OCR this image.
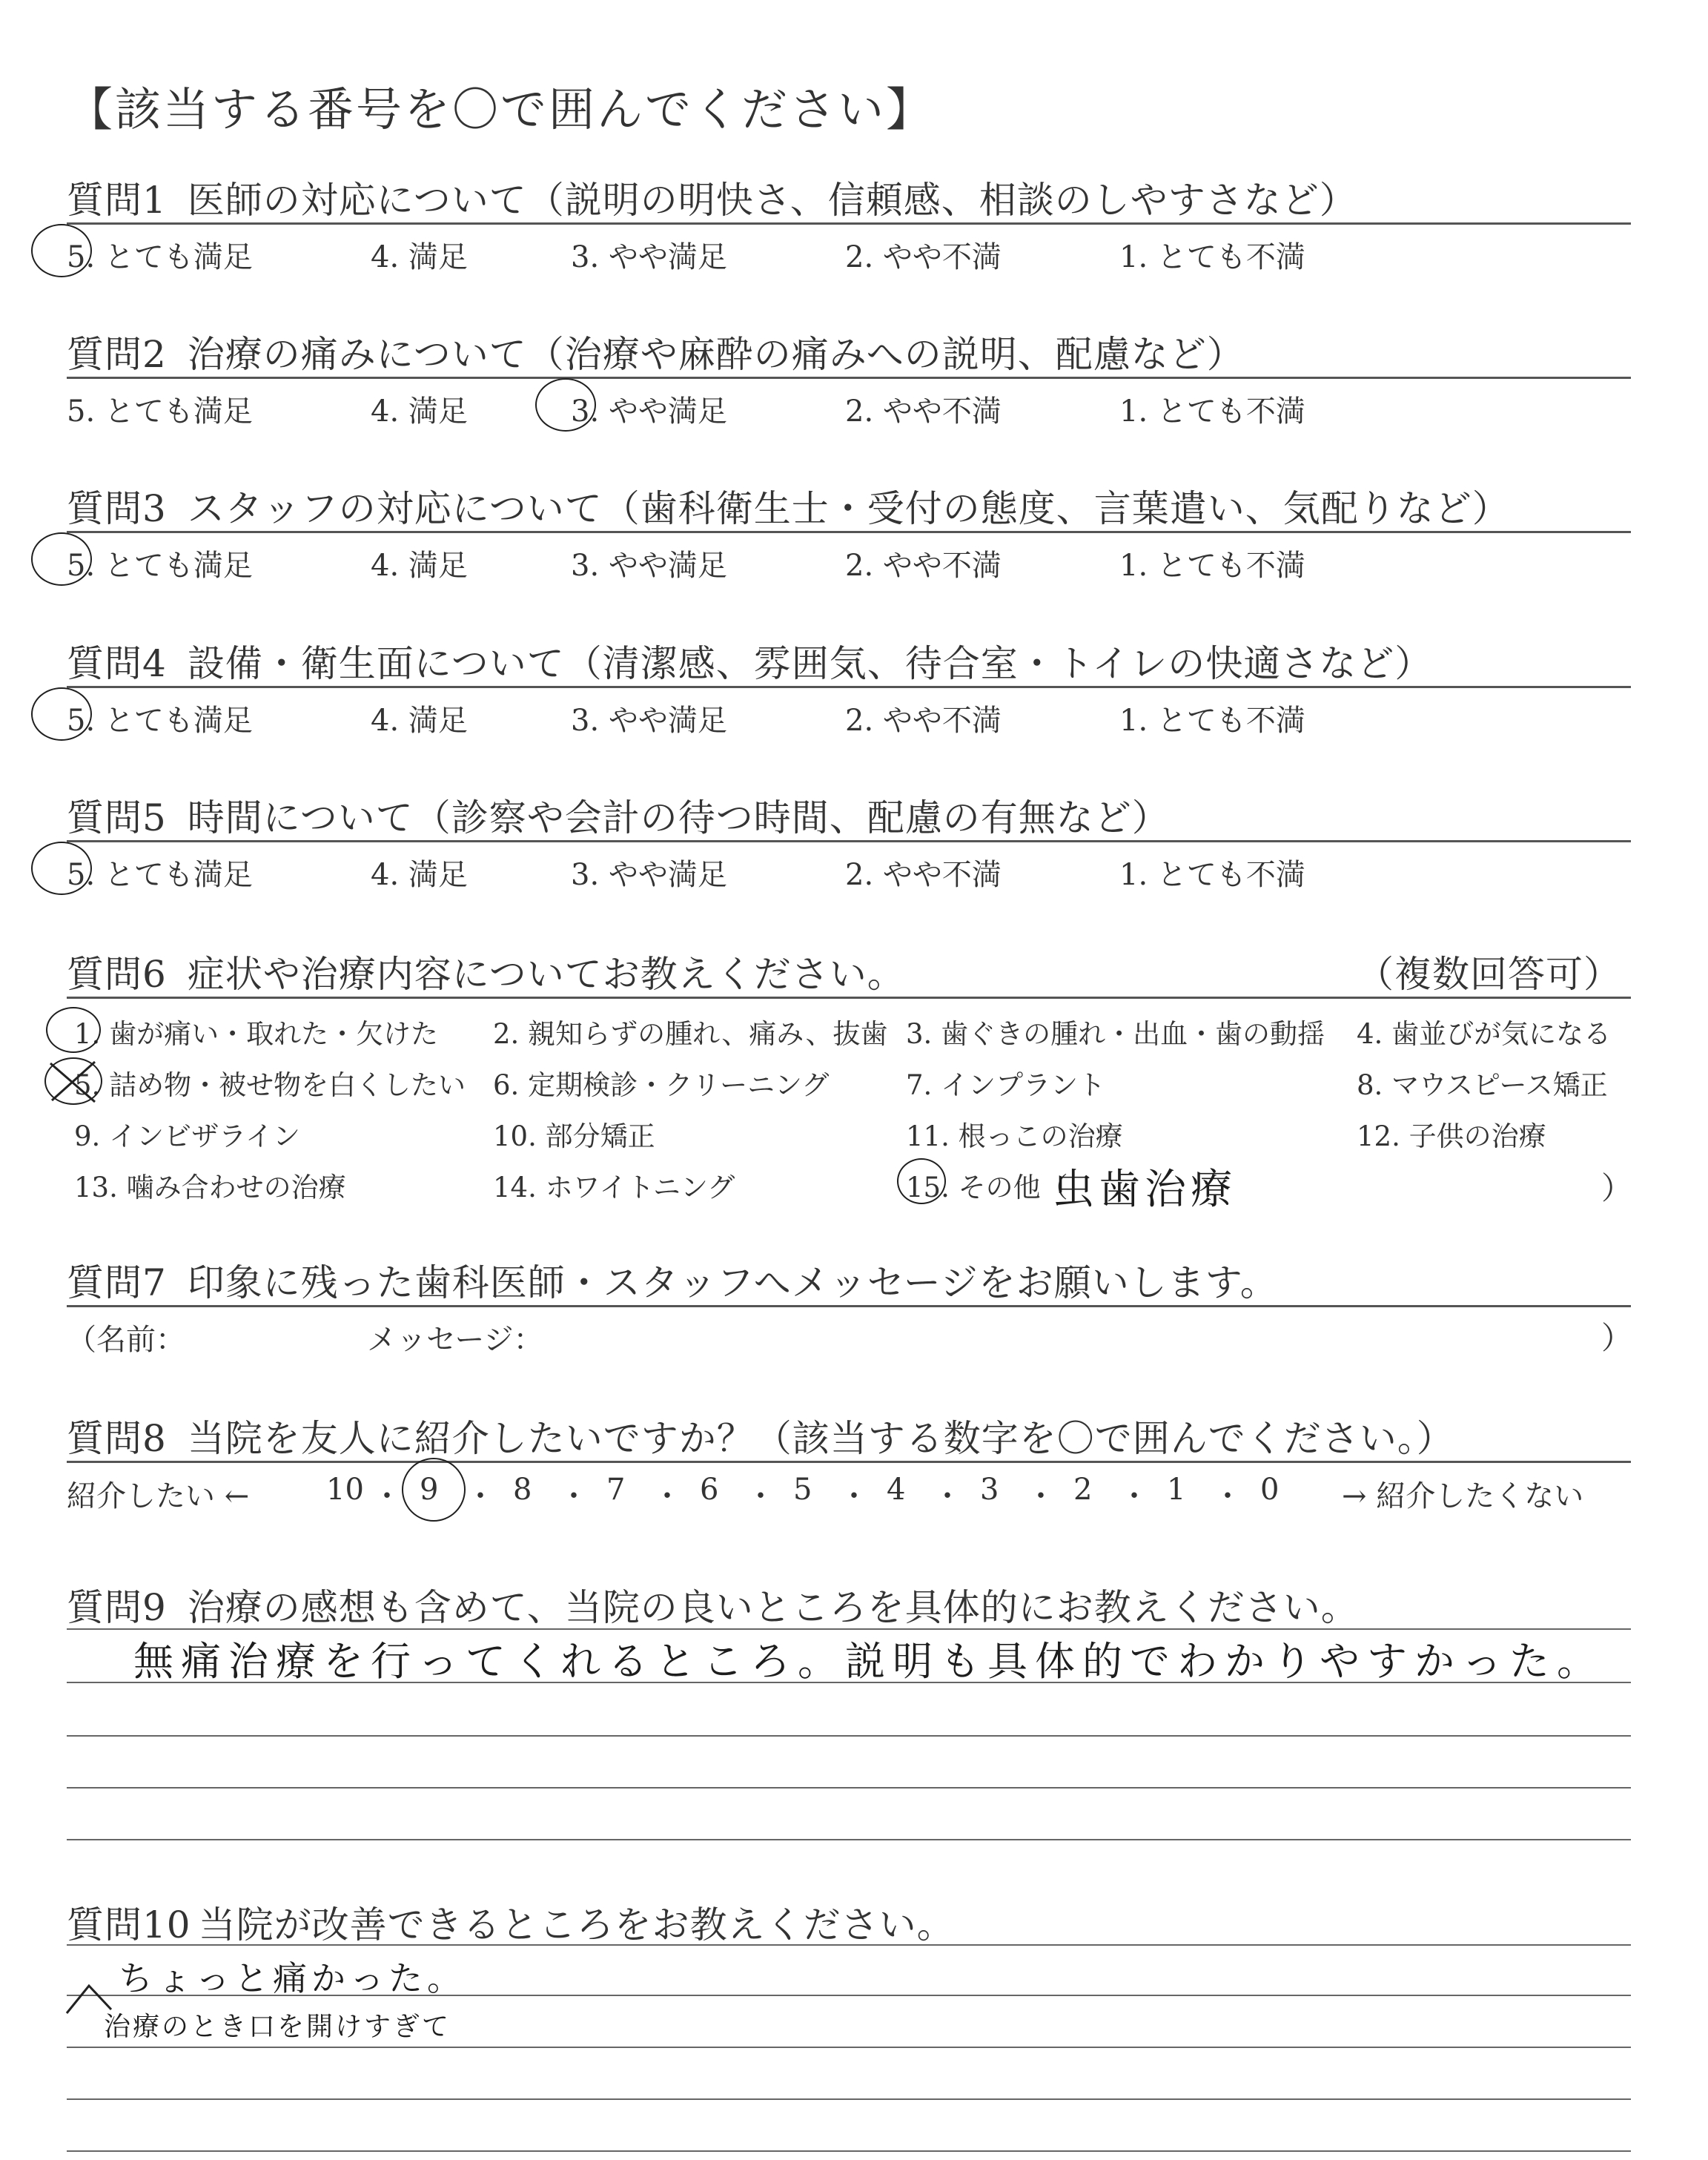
【該当する番号を〇で囲んでください】
質問1 医師の対応について（説明の明快さ、信頼感、相談のしやすさなど）
5. とても満足	4. 満足	3. やや満足	2. やや不満	1. とても不満
質問2 治療の痛みについて（治療や麻酔の痛みへの説明、配慮など）
5. とても満足	4. 満足	3. やや満足	2. やや不満	1. とても不満
質問3 スタッフの対応について（歯科衛生士・受付の態度、言葉遣い、気配りなど）
5. とても満足	4. 満足	3. やや満足	2. やや不満	1. とても不満
質問4 設備・衛生面について（清潔感、雰囲気、待合室・トイレの快適さなど）
5. とても満足	4. 満足	3. やや満足	2. やや不満	1. とても不満
質問5 時間について（診察や会計の待つ時間、配慮の有無など）
5. とても満足	4. 満足	3. やや満足	2. やや不満	1. とても不満
質問6 症状や治療内容についてお教えください。	（複数回答可）
1. 歯が痛い・取れた・欠けた 2. 親知らずの腫れ、痛み、抜歯 3. 歯ぐきの腫れ・出血・歯の動揺 4. 歯並びが気になる
5. 詰め物・被せ物を白くしたい 6. 定期検診・クリーニング	7. インプラント	8. マウスピース矯正
9. インビザライン	10. 部分矯正	11. 根っこの治療	12. 子供の治療
13. 噛み合わせの治療	14. ホワイトニング	15. その他（	）
虫歯治療
質問7 印象に残った歯科医師・スタッフへメッセージをお願いします。
（名前：	メッセージ：	）
質問8 当院を友人に紹介したいですか？（該当する数字を〇で囲んでください。）
紹介したい ←	→ 紹介したくない
10 ・ 9 ・ 8 ・ 7 ・ 6 ・ 5 ・ 4 ・ 3 ・ 2 ・ 1 ・ 0
質問9 治療の感想も含めて、当院の良いところを具体的にお教えください。
無痛治療を行ってくれるところ。説明も具体的でわかりやすかった。
質問10 当院が改善できるところをお教えください。
ちょっと痛かった。
治療のとき口を開けすぎて
